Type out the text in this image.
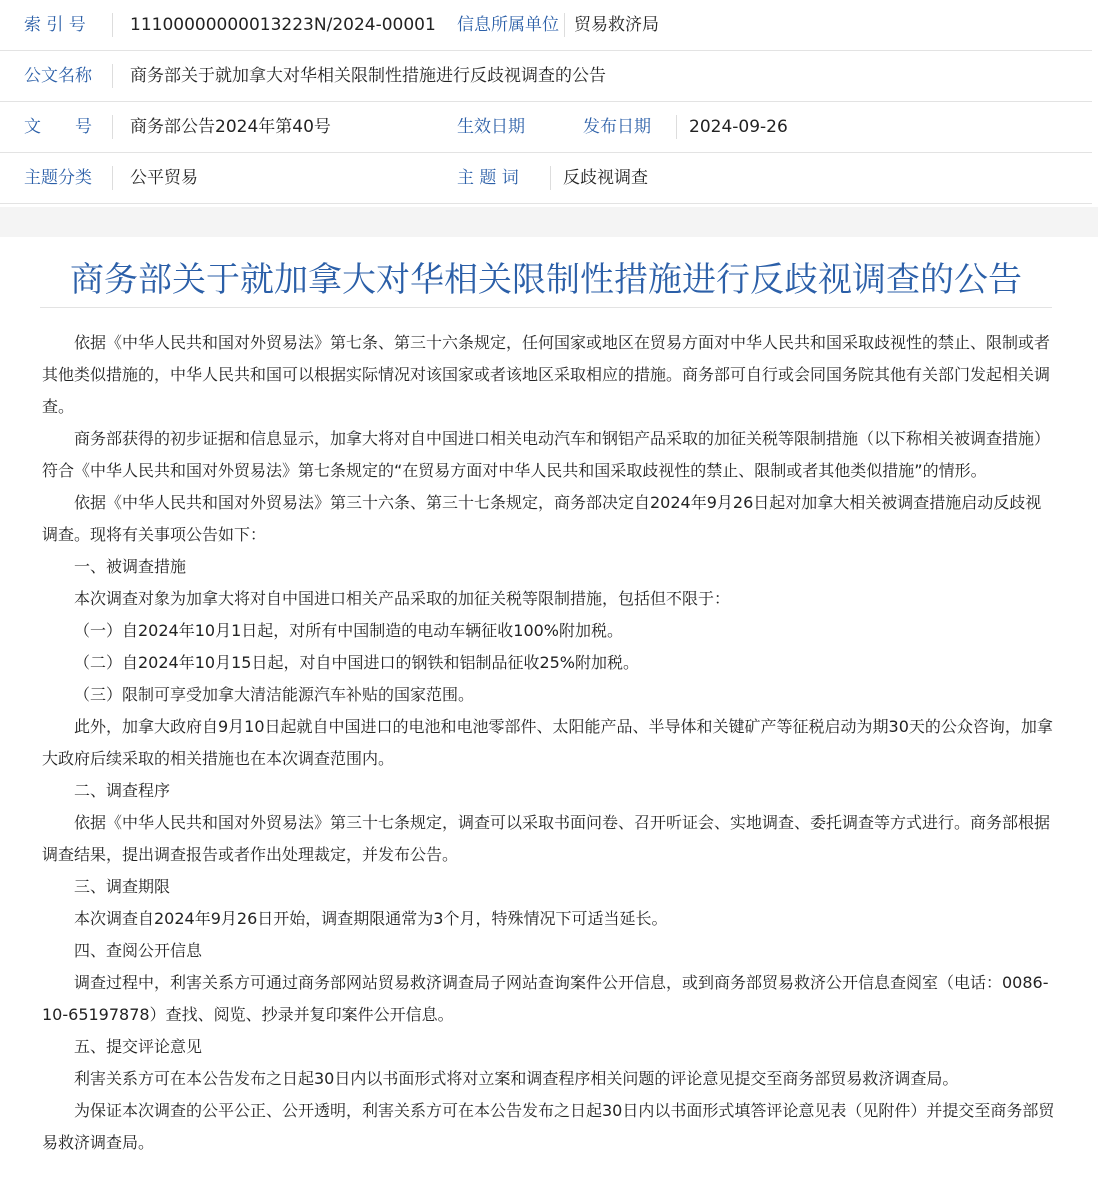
索 引 号	11100000000013223N/2024-00001 信息所属单位 贸易救济局
公文名称 商务部关于就加拿大对华相关限制性措施进行反歧视调查的公告
文　　号 商务部公告2024年第40号	生效日期	发布日期 2024-09-26
主题分类 公平贸易	主 题 词	反歧视调查
商务部关于就加拿大对华相关限制性措施进行反歧视调查的公告

依据《中华人民共和国对外贸易法》第七条、第三十六条规定，任何国家或地区在贸易方面对中华人民共和国采取歧视性的禁止、限制或者其他类似措施的，中华人民共和国可以根据实际情况对该国家或者该地区采取相应的措施。商务部可自行或会同国务院其他有关部门发起相关调查。

商务部获得的初步证据和信息显示，加拿大将对自中国进口相关电动汽车和钢铝产品采取的加征关税等限制措施（以下称相关被调查措施）符合《中华人民共和国对外贸易法》第七条规定的“在贸易方面对中华人民共和国采取歧视性的禁止、限制或者其他类似措施”的情形。

依据《中华人民共和国对外贸易法》第三十六条、第三十七条规定，商务部决定自2024年9月26日起对加拿大相关被调查措施启动反歧视调查。现将有关事项公告如下：

一、被调查措施

本次调查对象为加拿大将对自中国进口相关产品采取的加征关税等限制措施，包括但不限于：

（一）自2024年10月1日起，对所有中国制造的电动车辆征收100%附加税。

（二）自2024年10月15日起，对自中国进口的钢铁和铝制品征收25%附加税。

（三）限制可享受加拿大清洁能源汽车补贴的国家范围。

此外，加拿大政府自9月10日起就自中国进口的电池和电池零部件、太阳能产品、半导体和关键矿产等征税启动为期30天的公众咨询，加拿大政府后续采取的相关措施也在本次调查范围内。

二、调查程序

依据《中华人民共和国对外贸易法》第三十七条规定，调查可以采取书面问卷、召开听证会、实地调查、委托调查等方式进行。商务部根据调查结果，提出调查报告或者作出处理裁定，并发布公告。

三、调查期限

本次调查自2024年9月26日开始，调查期限通常为3个月，特殊情况下可适当延长。

四、查阅公开信息

调查过程中，利害关系方可通过商务部网站贸易救济调查局子网站查询案件公开信息，或到商务部贸易救济公开信息查阅室（电话：0086-10-65197878）查找、阅览、抄录并复印案件公开信息。

五、提交评论意见

利害关系方可在本公告发布之日起30日内以书面形式将对立案和调查程序相关问题的评论意见提交至商务部贸易救济调查局。

为保证本次调查的公平公正、公开透明，利害关系方可在本公告发布之日起30日内以书面形式填答评论意见表（见附件）并提交至商务部贸易救济调查局。
